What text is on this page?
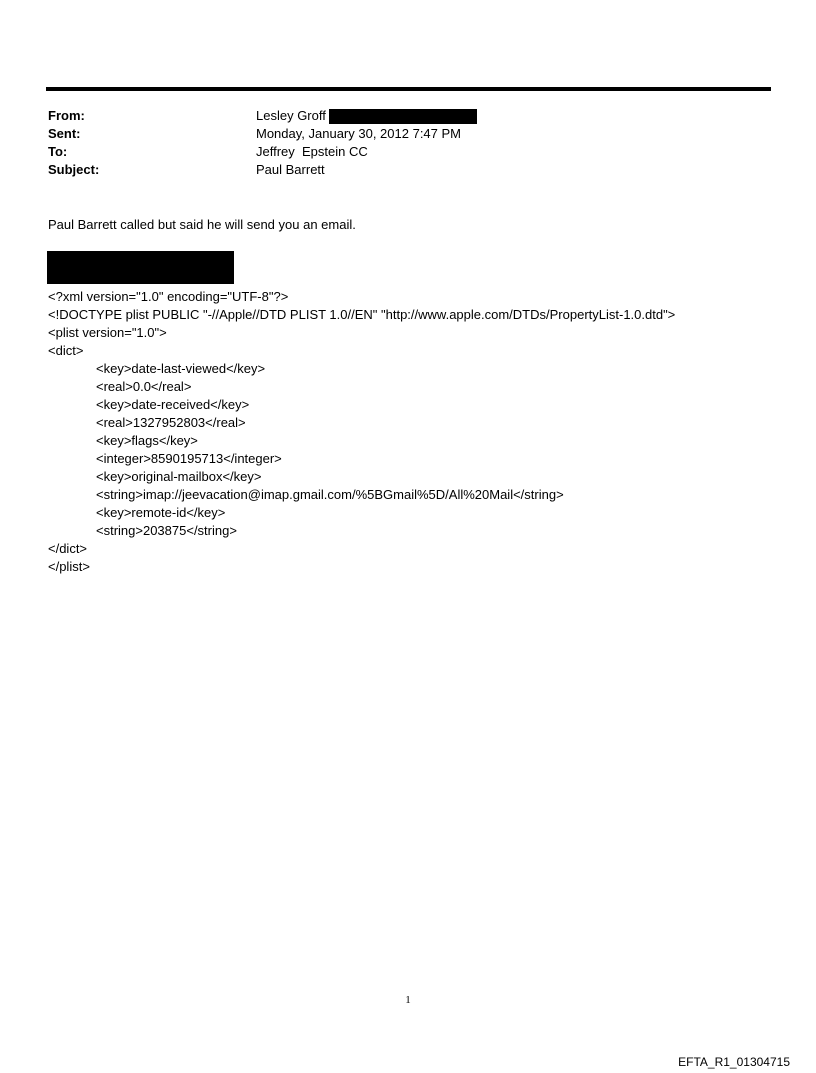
From:	Lesley Groff
Sent:	Monday, January 30, 2012 7:47 PM
To:	Jeffrey  Epstein CC
Subject:	Paul Barrett
Paul Barrett called but said he will send you an email.
<?xml version="1.0" encoding="UTF-8"?>
<!DOCTYPE plist PUBLIC "-//Apple//DTD PLIST 1.0//EN" "http://www.apple.com/DTDs/PropertyList-1.0.dtd">
<plist version="1.0">
<dict>
<key>date-last-viewed</key>
<real>0.0</real>
<key>date-received</key>
<real>1327952803</real>
<key>flags</key>
<integer>8590195713</integer>
<key>original-mailbox</key>
<string>imap://jeevacation@imap.gmail.com/%5BGmail%5D/All%20Mail</string>
<key>remote-id</key>
<string>203875</string>
</dict>
</plist>
1
EFTA_R1_01304715
